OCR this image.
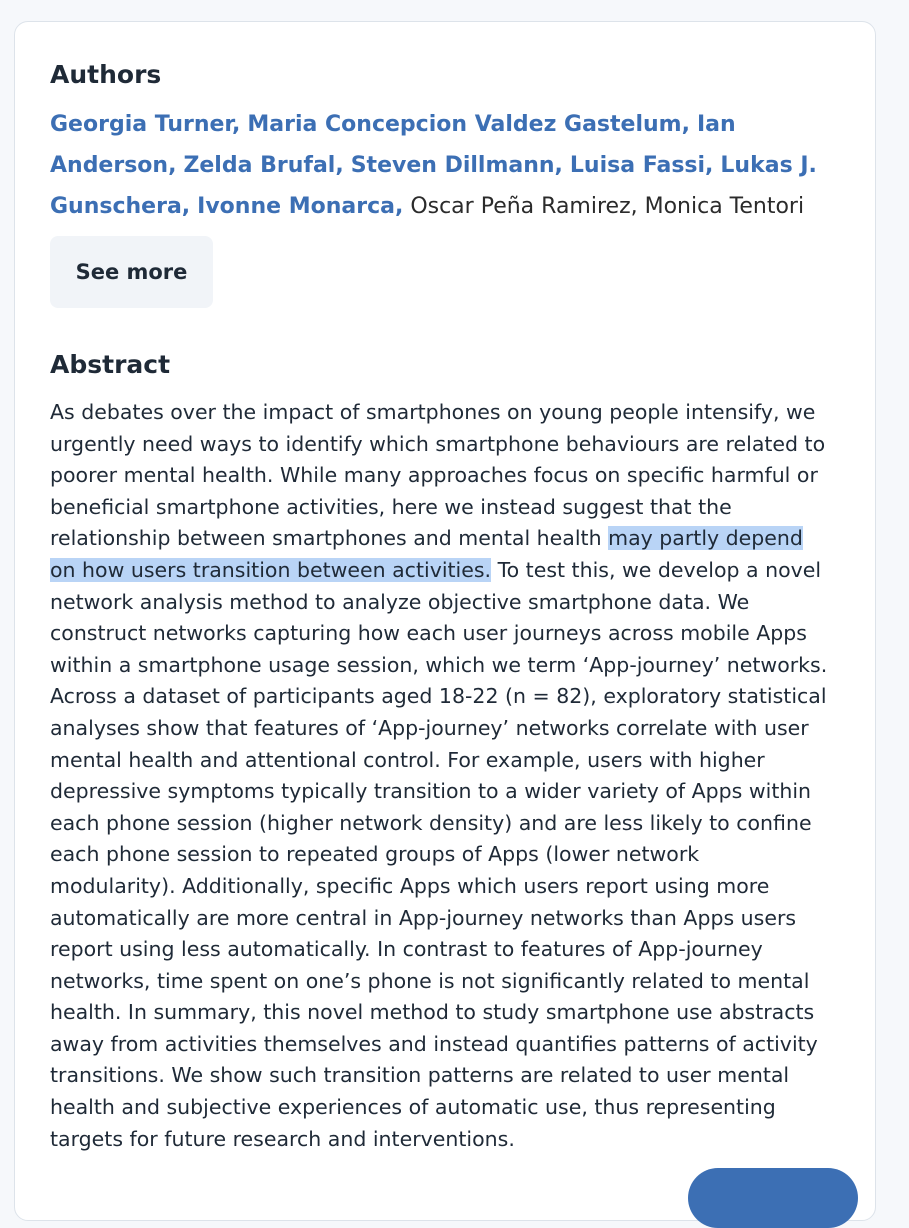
Authors
Georgia Turner, Maria Concepcion Valdez Gastelum, Ian Anderson, Zelda Brufal, Steven Dillmann, Luisa Fassi, Lukas J. Gunschera, Ivonne Monarca, Oscar Peña Ramirez, Monica Tentori
See more
Abstract

As debates over the impact of smartphones on young people intensify, we urgently need ways to identify which smartphone behaviours are related to poorer mental health. While many approaches focus on specific harmful or beneficial smartphone activities, here we instead suggest that the relationship between smartphones and mental health may partly depend on how users transition between activities. To test this, we develop a novel network analysis method to analyze objective smartphone data. We construct networks capturing how each user journeys across mobile Apps within a smartphone usage session, which we term ‘App-journey’ networks. Across a dataset of participants aged 18-22 (n = 82), exploratory statistical analyses show that features of ‘App-journey’ networks correlate with user mental health and attentional control. For example, users with higher depressive symptoms typically transition to a wider variety of Apps within each phone session (higher network density) and are less likely to confine each phone session to repeated groups of Apps (lower network modularity). Additionally, specific Apps which users report using more automatically are more central in App-journey networks than Apps users report using less automatically. In contrast to features of App-journey networks, time spent on one’s phone is not significantly related to mental health. In summary, this novel method to study smartphone use abstracts away from activities themselves and instead quantifies patterns of activity transitions. We show such transition patterns are related to user mental health and subjective experiences of automatic use, thus representing targets for future research and interventions.
